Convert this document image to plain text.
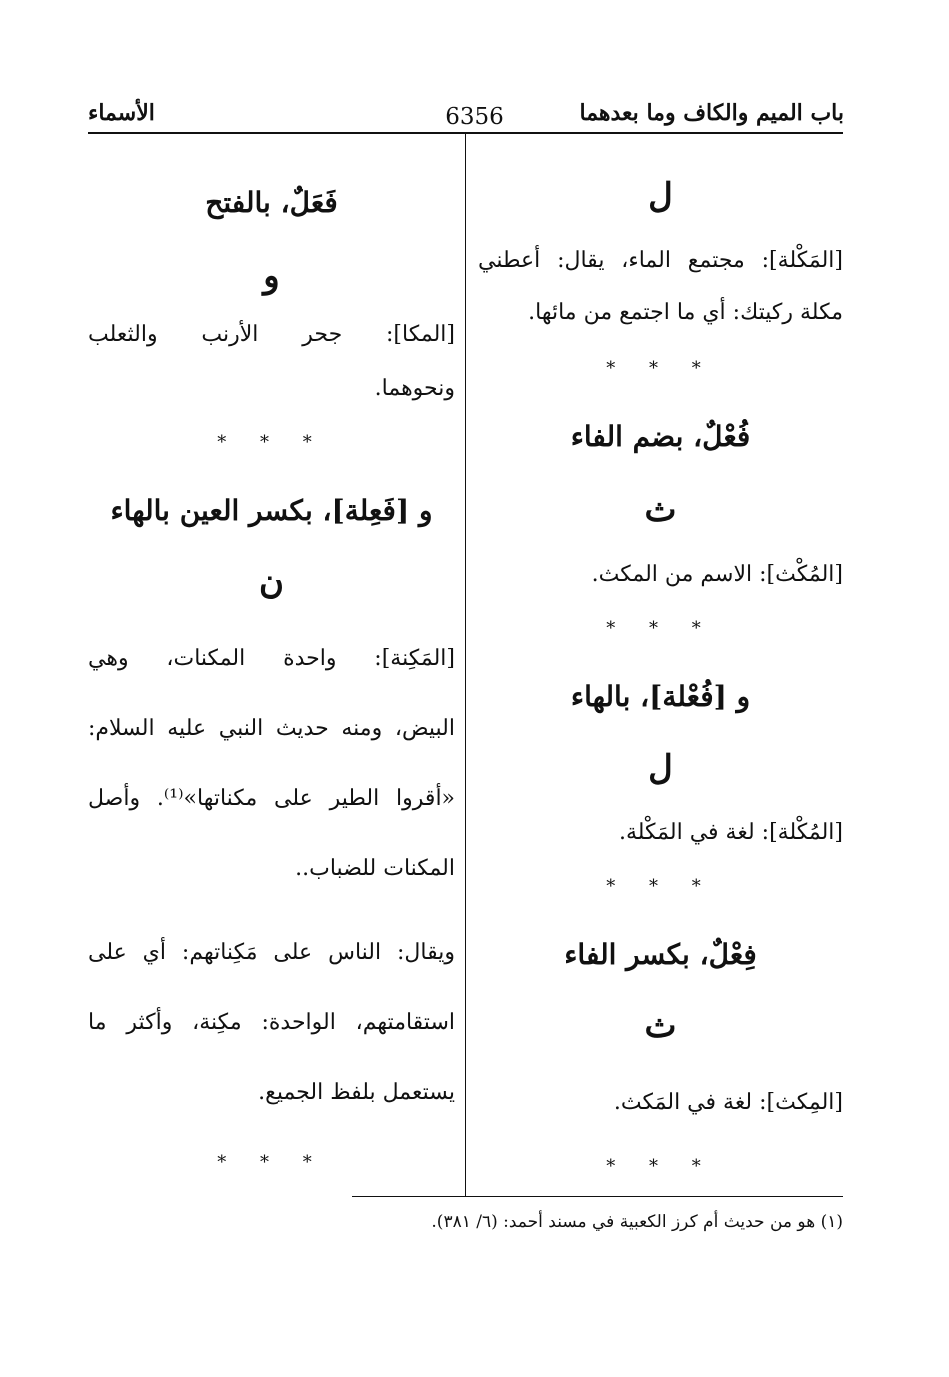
باب الميم والكاف وما بعدهما
6356
الأسماء
ل
[المَكْلة]: مجتمع الماء، يقال: أعطني
مكلة ركيتك: أي ما اجتمع من مائها.
* * *
فُعْلٌ، بضم الفاء
ث
[المُكْث]: الاسم من المكث.
* * *
و [فُعْلة]، بالهاء
ل
[المُكْلة]: لغة في المَكْلة.
* * *
فِعْلٌ، بكسر الفاء
ث
[المِكث]: لغة في المَكث.
* * *
فَعَلٌ، بالفتح
و
[المكا]: جحر الأرنب والثعلب
ونحوهما.
* * *
و [فَعِلة]، بكسر العين بالهاء
ن
[المَكِنة]: واحدة المكنات، وهي
البيض، ومنه حديث النبي عليه السلام:
«أقروا الطير على مكناتها»⁽¹⁾. وأصل
المكنات للضباب..
ويقال: الناس على مَكِناتهم: أي على
استقامتهم، الواحدة: مكِنة، وأكثر ما
يستعمل بلفظ الجميع.
* * *
(١) هو من حديث أم كرز الكعبية في مسند أحمد: (٦/ ٣٨١).
